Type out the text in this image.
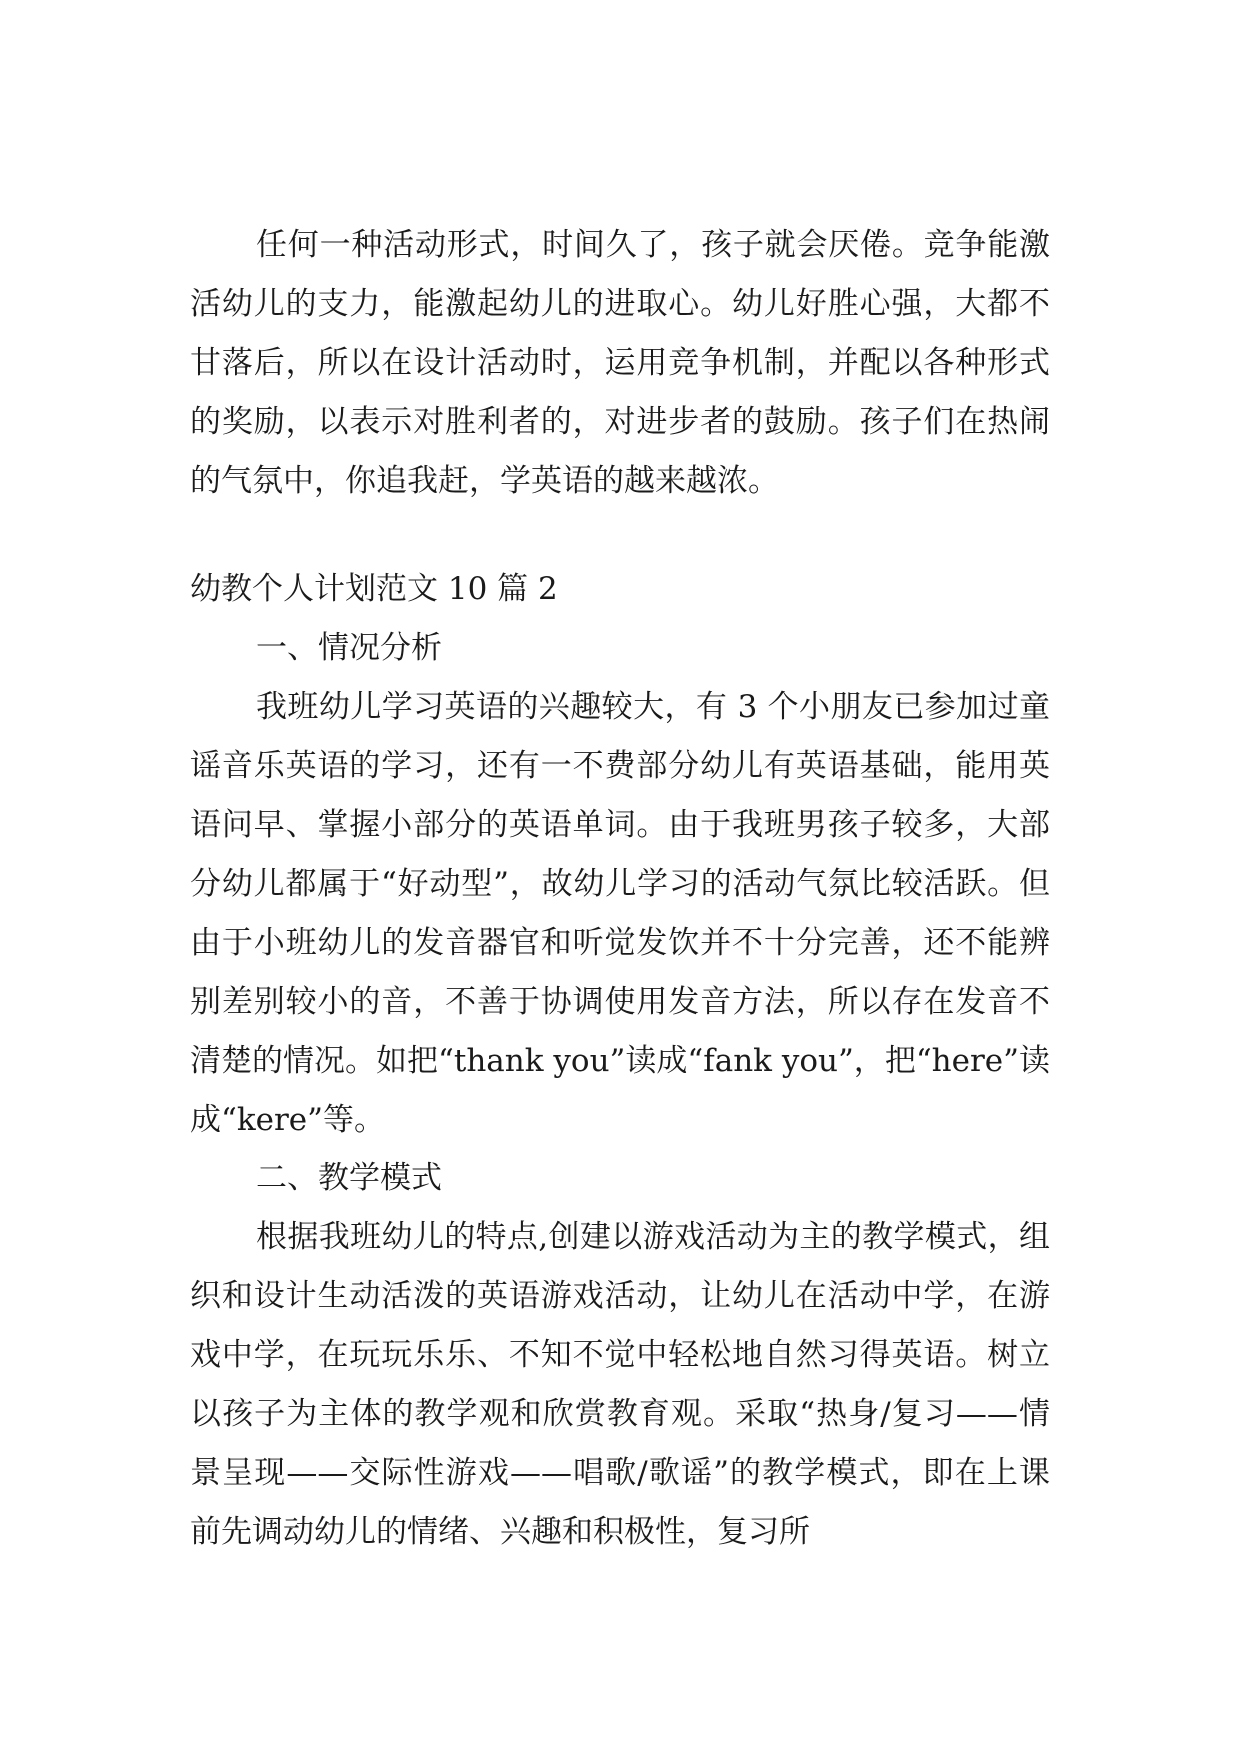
任何一种活动形式，时间久了，孩子就会厌倦。竞争能激活幼儿的支力，能激起幼儿的进取心。幼儿好胜心强，大都不甘落后，所以在设计活动时，运用竞争机制，并配以各种形式的奖励，以表示对胜利者的，对进步者的鼓励。孩子们在热闹的气氛中，你追我赶，学英语的越来越浓。

幼教个人计划范文 10 篇 2

一、情况分析

我班幼儿学习英语的兴趣较大，有 3 个小朋友已参加过童谣音乐英语的学习，还有一不费部分幼儿有英语基础，能用英语问早、掌握小部分的英语单词。由于我班男孩子较多，大部分幼儿都属于“好动型”，故幼儿学习的活动气氛比较活跃。但由于小班幼儿的发音器官和听觉发饮并不十分完善，还不能辨别差别较小的音，不善于协调使用发音方法，所以存在发音不清楚的情况。如把“thank you”读成“fank you”，把“here”读成“kere”等。

二、教学模式

根据我班幼儿的特点,创建以游戏活动为主的教学模式，组织和设计生动活泼的英语游戏活动，让幼儿在活动中学，在游戏中学，在玩玩乐乐、不知不觉中轻松地自然习得英语。树立以孩子为主体的教学观和欣赏教育观。采取“热身/复习——情景呈现——交际性游戏——唱歌/歌谣”的教学模式，即在上课前先调动幼儿的情绪、兴趣和积极性，复习所
